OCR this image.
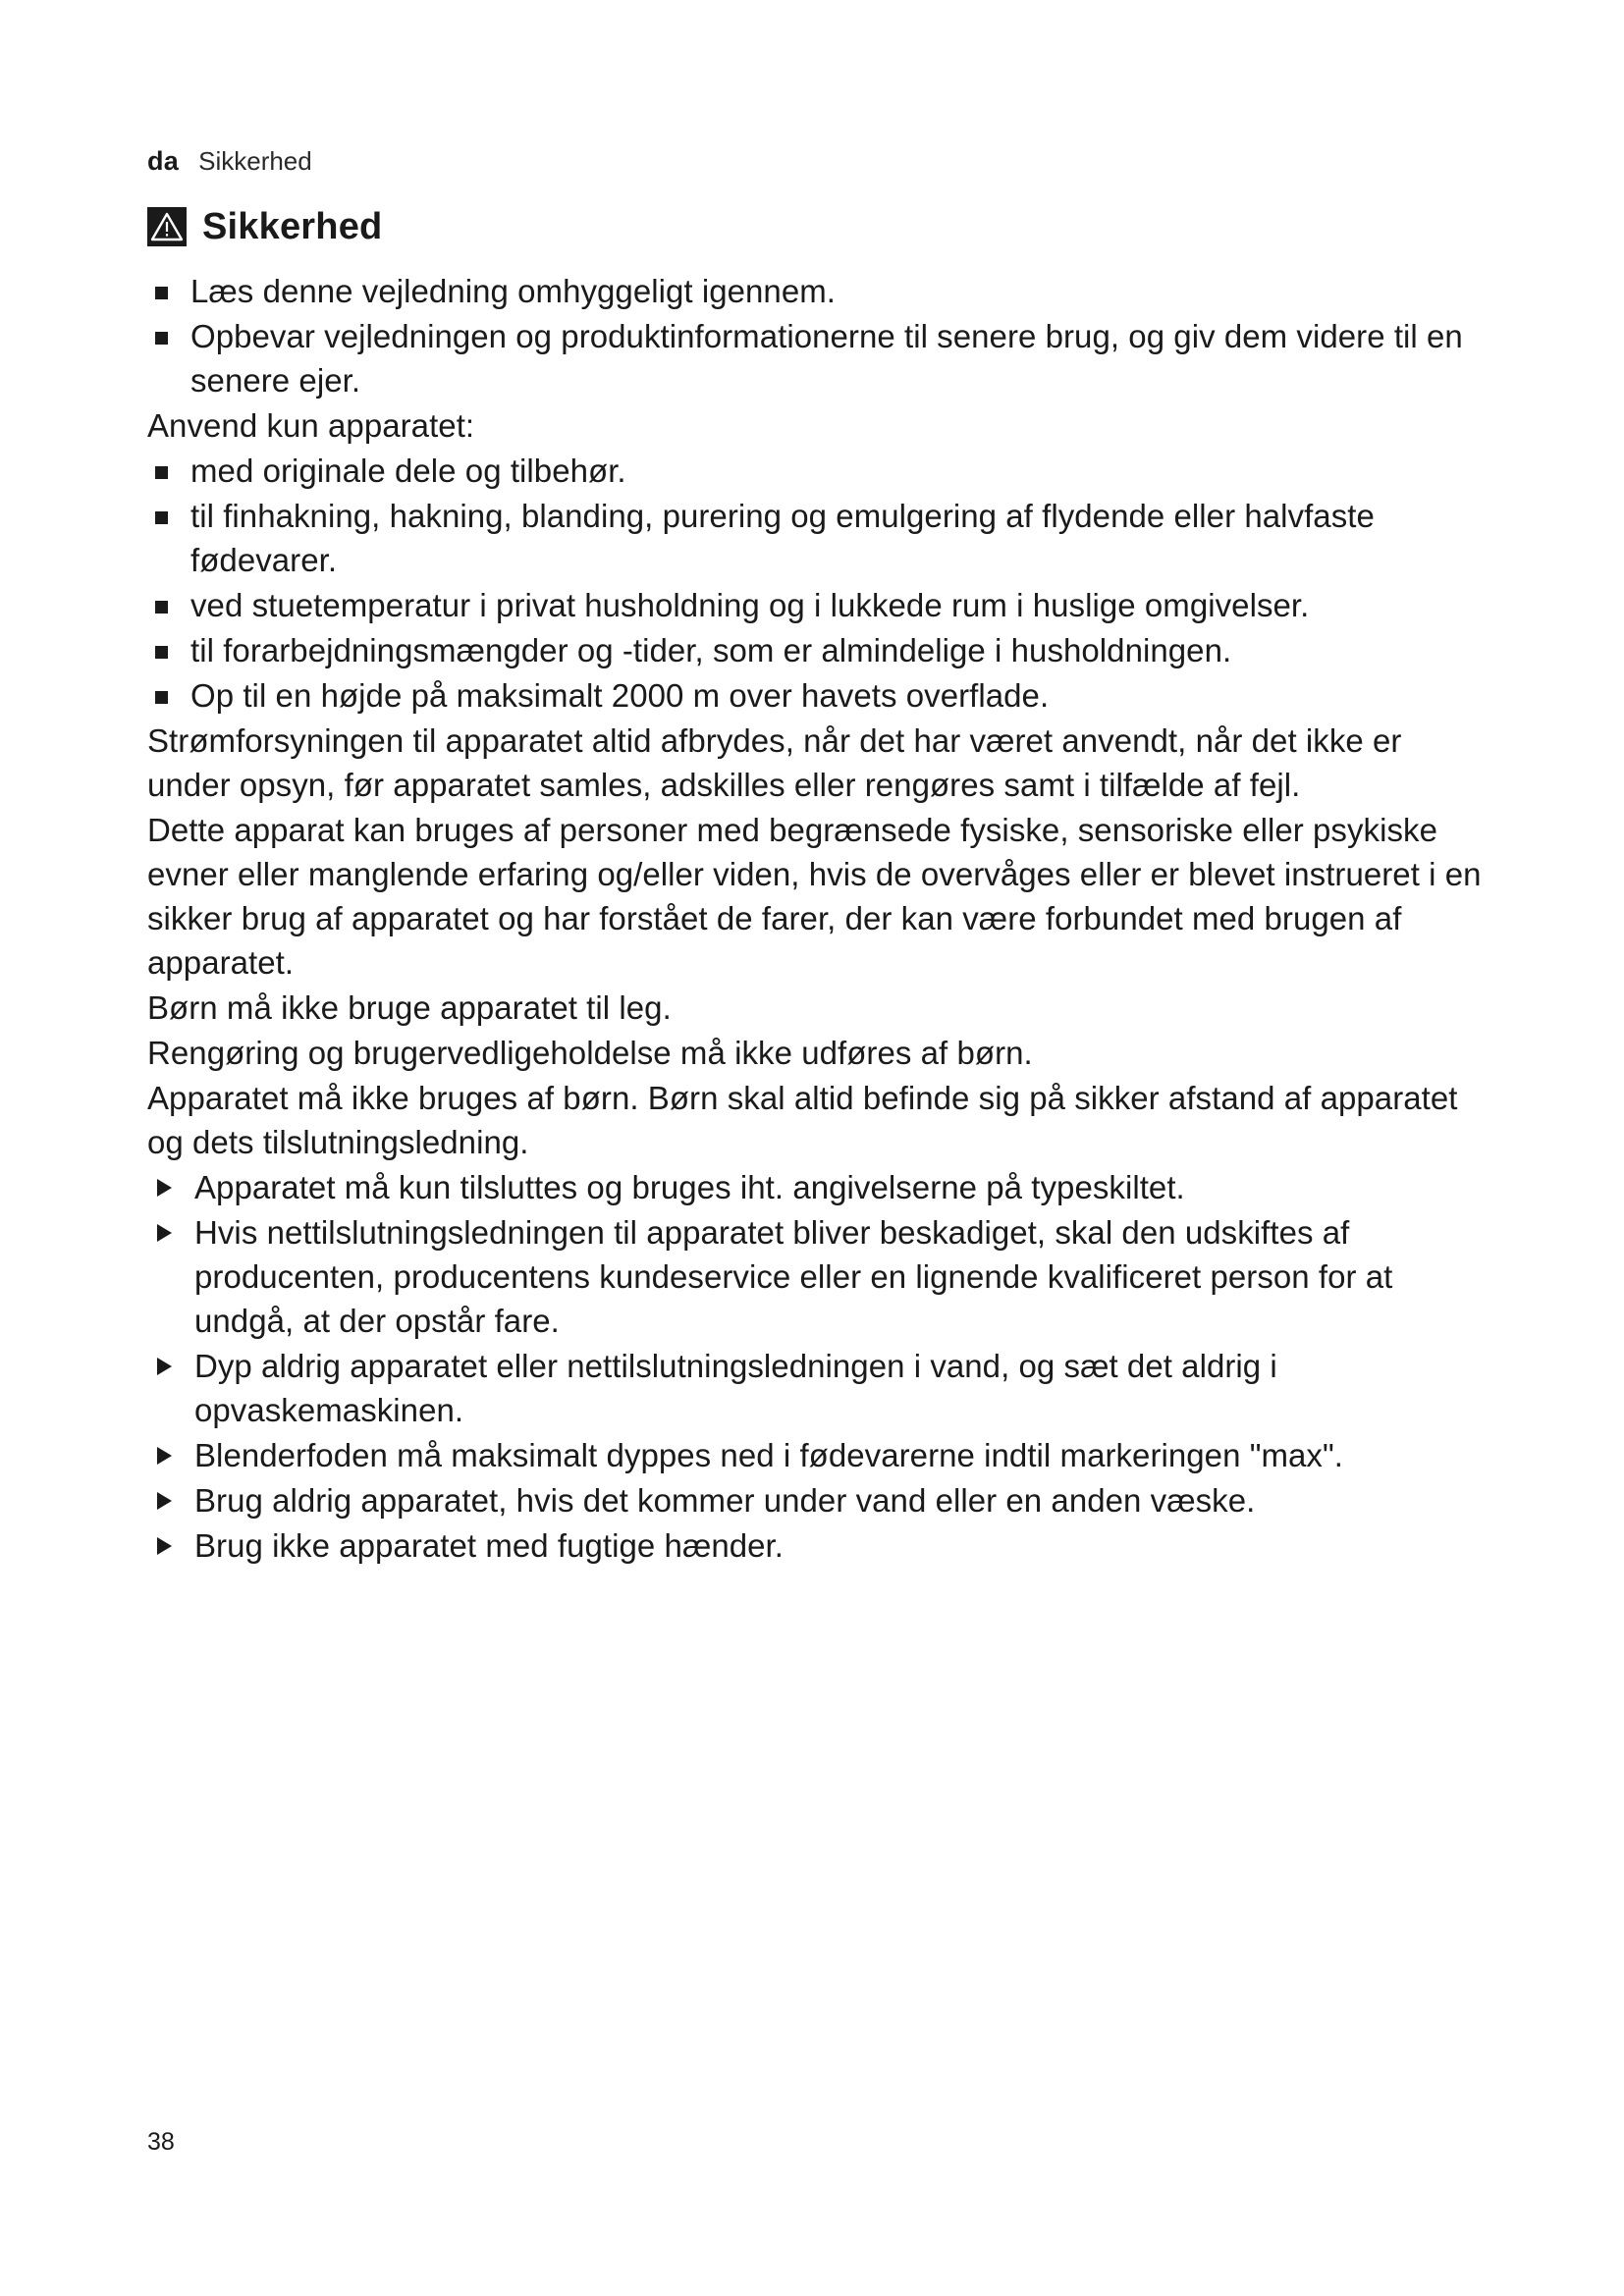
da Sikkerhed
Sikkerhed
Læs denne vejledning omhyggeligt igennem.
Opbevar vejledningen og produktinformationerne til senere brug, og giv dem videre til en senere ejer.

Anvend kun apparatet:

med originale dele og tilbehør.
til finhakning, hakning, blanding, purering og emulgering af flydende eller halvfaste fødevarer.
ved stuetemperatur i privat husholdning og i lukkede rum i huslige omgivelser.
til forarbejdningsmængder og -tider, som er almindelige i husholdningen.
Op til en højde på maksimalt 2000 m over havets overflade.

Strømforsyningen til apparatet altid afbrydes, når det har været anvendt, når det ikke er under opsyn, før apparatet samles, adskilles eller rengøres samt i tilfælde af fejl.

Dette apparat kan bruges af personer med begrænsede fysiske, sensoriske eller psykiske evner eller manglende erfaring og/eller viden, hvis de overvåges eller er blevet instrueret i en sikker brug af apparatet og har forstået de farer, der kan være forbundet med brugen af apparatet.

Børn må ikke bruge apparatet til leg.

Rengøring og brugervedligeholdelse må ikke udføres af børn.

Apparatet må ikke bruges af børn. Børn skal altid befinde sig på sikker afstand af apparatet og dets tilslutningsledning.

Apparatet må kun tilsluttes og bruges iht. angivelserne på typeskiltet.
Hvis nettilslutningsledningen til apparatet bliver beskadiget, skal den udskiftes af producenten, producentens kundeservice eller en lignende kvalificeret person for at undgå, at der opstår fare.
Dyp aldrig apparatet eller nettilslutningsledningen i vand, og sæt det aldrig i opvaskemaskinen.
Blenderfoden må maksimalt dyppes ned i fødevarerne indtil markeringen "max".
Brug aldrig apparatet, hvis det kommer under vand eller en anden væske.
Brug ikke apparatet med fugtige hænder.
38
